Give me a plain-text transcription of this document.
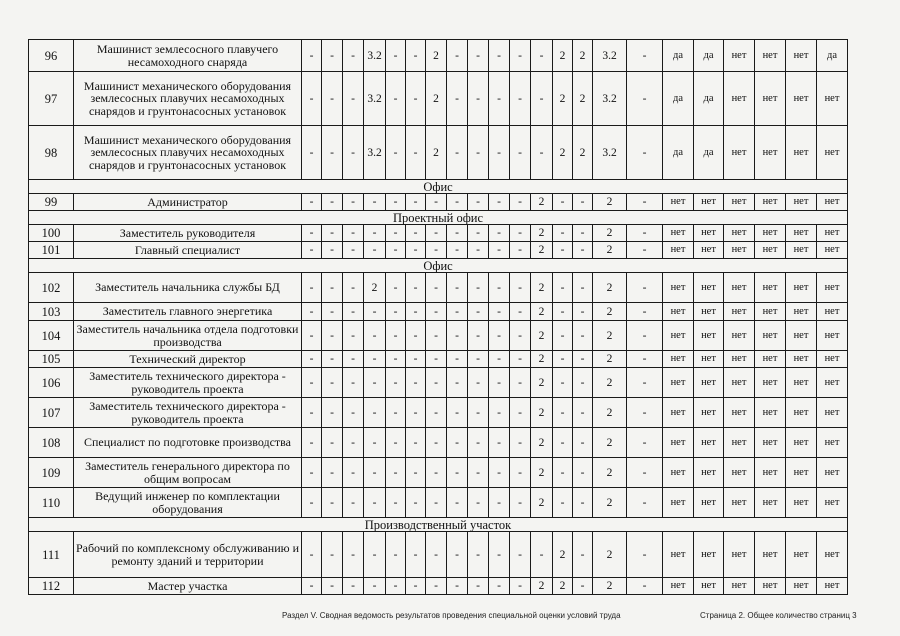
96	Машинист землесосного плавучего несамоходного снаряда	-	-	-	3.2	-	-	2	-	-	-	-	-	2	2	3.2	-	да	да	нет	нет	нет	да
97	Машинист механического оборудования землесосных плавучих несамоходных снарядов и грунтонасосных установок	-	-	-	3.2	-	-	2	-	-	-	-	-	2	2	3.2	-	да	да	нет	нет	нет	нет
98	Машинист механического оборудования землесосных плавучих несамоходных снарядов и грунтонасосных установок	-	-	-	3.2	-	-	2	-	-	-	-	-	2	2	3.2	-	да	да	нет	нет	нет	нет
Офис																							
99	Администратор	-	-	-	-	-	-	-	-	-	-	-	2	-	-	2	-	нет	нет	нет	нет	нет	нет
Проектный офис																							
100	Заместитель руководителя	-	-	-	-	-	-	-	-	-	-	-	2	-	-	2	-	нет	нет	нет	нет	нет	нет
101	Главный специалист	-	-	-	-	-	-	-	-	-	-	-	2	-	-	2	-	нет	нет	нет	нет	нет	нет
Офис																							
102	Заместитель начальника службы БД	-	-	-	2	-	-	-	-	-	-	-	2	-	-	2	-	нет	нет	нет	нет	нет	нет
103	Заместитель главного энергетика	-	-	-	-	-	-	-	-	-	-	-	2	-	-	2	-	нет	нет	нет	нет	нет	нет
104	Заместитель начальника отдела подготовки производства	-	-	-	-	-	-	-	-	-	-	-	2	-	-	2	-	нет	нет	нет	нет	нет	нет
105	Технический директор	-	-	-	-	-	-	-	-	-	-	-	2	-	-	2	-	нет	нет	нет	нет	нет	нет
106	Заместитель технического директора - руководитель проекта	-	-	-	-	-	-	-	-	-	-	-	2	-	-	2	-	нет	нет	нет	нет	нет	нет
107	Заместитель технического директора - руководитель проекта	-	-	-	-	-	-	-	-	-	-	-	2	-	-	2	-	нет	нет	нет	нет	нет	нет
108	Специалист по подготовке производства	-	-	-	-	-	-	-	-	-	-	-	2	-	-	2	-	нет	нет	нет	нет	нет	нет
109	Заместитель генерального директора по общим вопросам	-	-	-	-	-	-	-	-	-	-	-	2	-	-	2	-	нет	нет	нет	нет	нет	нет
110	Ведущий инженер по комплектации оборудования	-	-	-	-	-	-	-	-	-	-	-	2	-	-	2	-	нет	нет	нет	нет	нет	нет
Производственный участок																							
111	Рабочий по комплексному обслуживанию и ремонту зданий и территории	-	-	-	-	-	-	-	-	-	-	-	-	2	-	2	-	нет	нет	нет	нет	нет	нет
112	Мастер участка	-	-	-	-	-	-	-	-	-	-	-	2	2	-	2	-	нет	нет	нет	нет	нет	нет
Раздел V. Сводная ведомость результатов проведения специальной оценки условий труда	Страница 2. Общее количество страниц 3
